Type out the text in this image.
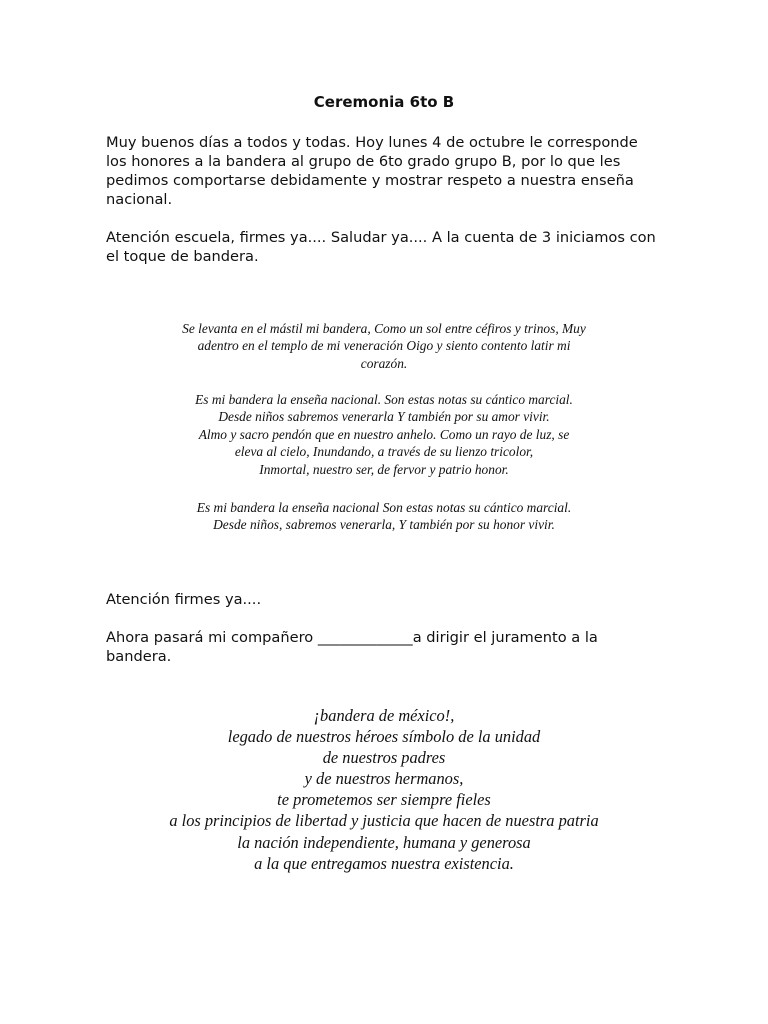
Ceremonia 6to B
Muy buenos días a todos y todas. Hoy lunes 4 de octubre le corresponde
los honores a la bandera al grupo de 6to grado grupo B, por lo que les
pedimos comportarse debidamente y mostrar respeto a nuestra enseña
nacional.
Atención escuela, firmes ya.... Saludar ya.... A la cuenta de 3 iniciamos con
el toque de bandera.
Se levanta en el mástil mi bandera, Como un sol entre céfiros y trinos, Muy
adentro en el templo de mi veneración Oigo y siento contento latir mi
corazón.
Es mi bandera la enseña nacional. Son estas notas su cántico marcial.
Desde niños sabremos venerarla Y también por su amor vivir.
Almo y sacro pendón que en nuestro anhelo. Como un rayo de luz, se
eleva al cielo, Inundando, a través de su lienzo tricolor,
Inmortal, nuestro ser, de fervor y patrio honor.
Es mi bandera la enseña nacional Son estas notas su cántico marcial.
Desde niños, sabremos venerarla, Y también por su honor vivir.
Atención firmes ya....
Ahora pasará mi compañero _____________a dirigir el juramento a la
bandera.
¡bandera de méxico!,
legado de nuestros héroes símbolo de la unidad
de nuestros padres
y de nuestros hermanos,
te prometemos ser siempre fieles
a los principios de libertad y justicia que hacen de nuestra patria
la nación independiente, humana y generosa
a la que entregamos nuestra existencia.
